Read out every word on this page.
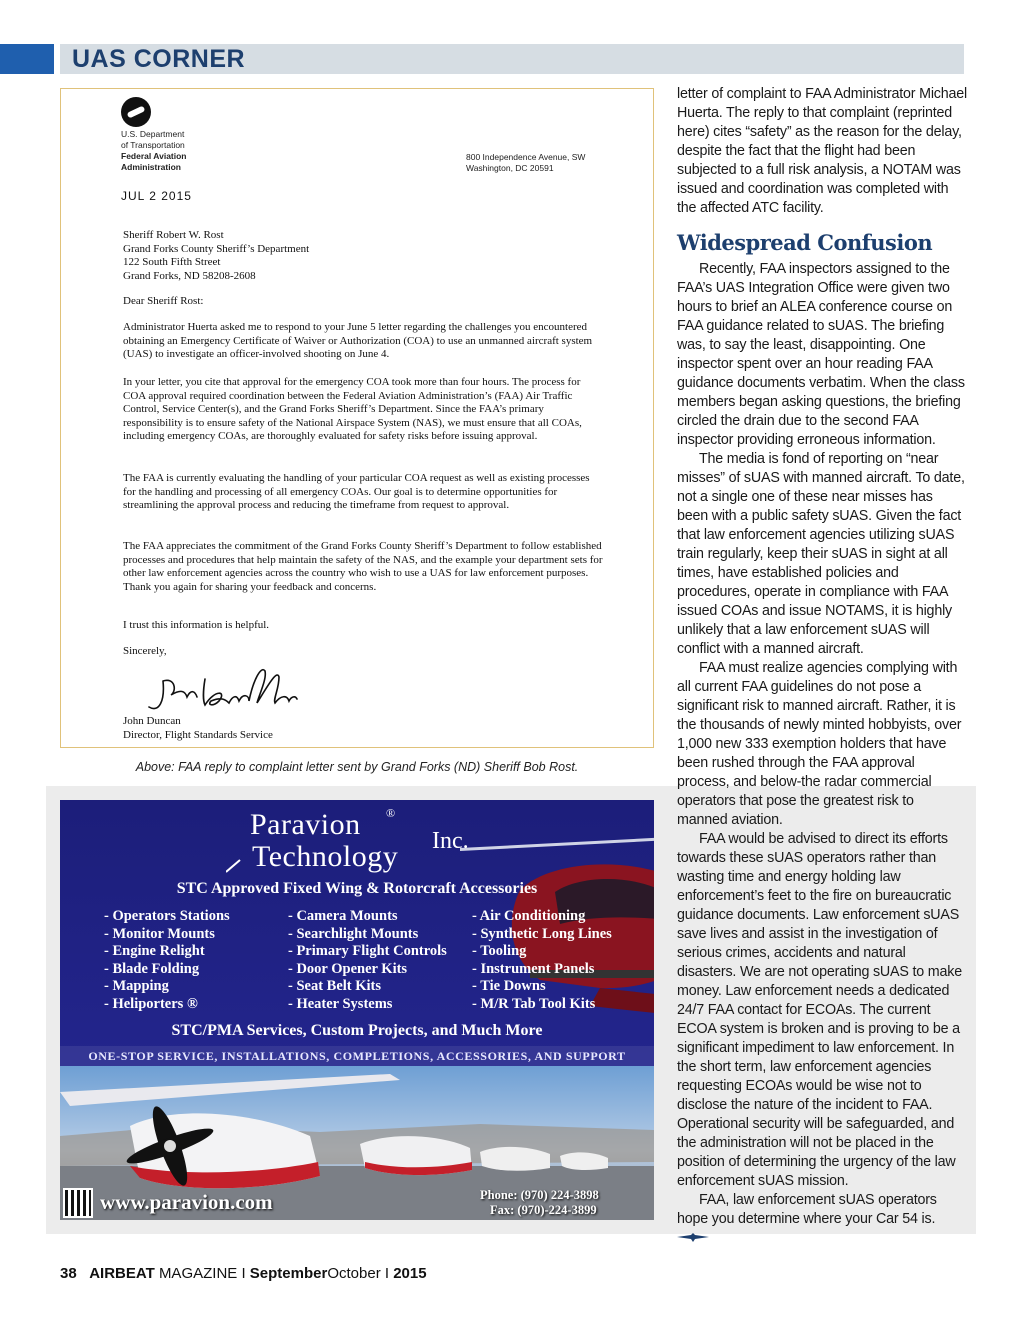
UAS CORNER
U.S. Department
of Transportation
Federal Aviation
Administration
800 Independence Avenue, SW
Washington, DC 20591
JUL 2 2015
Sheriff Robert W. Rost
Grand Forks County Sheriff’s Department
122 South Fifth Street
Grand Forks, ND 58208-2608
Dear Sheriff Rost:
Administrator Huerta asked me to respond to your June 5 letter regarding the challenges you encountered obtaining an Emergency Certificate of Waiver or Authorization (COA) to use an unmanned aircraft system (UAS) to investigate an officer-involved shooting on June 4.
In your letter, you cite that approval for the emergency COA took more than four hours. The process for COA approval required coordination between the Federal Aviation Administration’s (FAA) Air Traffic Control, Service Center(s), and the Grand Forks Sheriff’s Department. Since the FAA’s primary responsibility is to ensure safety of the National Airspace System (NAS), we must ensure that all COAs, including emergency COAs, are thoroughly evaluated for safety risks before issuing approval.
The FAA is currently evaluating the handling of your particular COA request as well as existing processes for the handling and processing of all emergency COAs. Our goal is to determine opportunities for streamlining the approval process and reducing the timeframe from request to approval.
The FAA appreciates the commitment of the Grand Forks County Sheriff’s Department to follow established processes and procedures that help maintain the safety of the NAS, and the example your department sets for other law enforcement agencies across the country who wish to use a UAS for law enforcement purposes. Thank you again for sharing your feedback and concerns.
I trust this information is helpful.
Sincerely,
John Duncan
Director, Flight Standards Service
Above: FAA reply to complaint letter sent by Grand Forks (ND) Sheriff Bob Rost.
Paravion ®
Technology Inc.
STC Approved Fixed Wing & Rotorcraft Accessories
- Operators Stations
- Monitor Mounts
- Engine Relight
- Blade Folding
- Mapping
- Heliporters ®
- Camera Mounts
- Searchlight Mounts
- Primary Flight Controls
- Door Opener Kits
- Seat Belt Kits
- Heater Systems
- Air Conditioning
- Synthetic Long Lines
- Tooling
- Instrument Panels
- Tie Downs
- M/R Tab Tool Kits
STC/PMA Services, Custom Projects, and Much More
ONE-STOP SERVICE, INSTALLATIONS, COMPLETIONS, ACCESSORIES, AND SUPPORT
www.paravion.com	Phone: (970) 224-3898
Fax: (970)-224-3899

letter of complaint to FAA Administrator Michael Huerta. The reply to that complaint (reprinted here) cites “safety” as the reason for the delay, despite the fact that the flight had been subjected to a full risk analysis, a NOTAM was issued and coordination was completed with the affected ATC facility.

Widespread Confusion

Recently, FAA inspectors assigned to the FAA’s UAS Integration Office were given two hours to brief an ALEA conference course on FAA guidance related to sUAS. The briefing was, to say the least, disappointing. One inspector spent over an hour reading FAA guidance documents verbatim. When the class members began asking questions, the briefing circled the drain due to the second FAA inspector providing erroneous information.

The media is fond of reporting on “near misses” of sUAS with manned aircraft. To date, not a single one of these near misses has been with a public safety sUAS. Given the fact that law enforcement agencies utilizing sUAS train regularly, keep their sUAS in sight at all times, have established policies and procedures, operate in compliance with FAA issued COAs and issue NOTAMS, it is highly unlikely that a law enforcement sUAS will conflict with a manned aircraft.

FAA must realize agencies complying with all current FAA guidelines do not pose a significant risk to manned aircraft. Rather, it is the thousands of newly minted hobbyists, over 1,000 new 333 exemption holders that have been rushed through the FAA approval process, and below-the radar commercial operators that pose the greatest risk to manned aviation.

FAA would be advised to direct its efforts towards these sUAS operators rather than wasting time and energy holding law enforcement’s feet to the fire on bureaucratic guidance documents. Law enforcement sUAS save lives and assist in the investigation of serious crimes, accidents and natural disasters. We are not operating sUAS to make money. Law enforcement needs a dedicated 24/7 FAA contact for ECOAs. The current ECOA system is broken and is proving to be a significant impediment to law enforcement. In the short term, law enforcement agencies requesting ECOAs would be wise not to disclose the nature of the incident to FAA. Operational security will be safeguarded, and the administration will not be placed in the position of determining the urgency of the law enforcement sUAS mission.

FAA, law enforcement sUAS operators hope you determine where your Car 54 is.

38 AIRBEAT MAGAZINE I SeptemberOctober I 2015
